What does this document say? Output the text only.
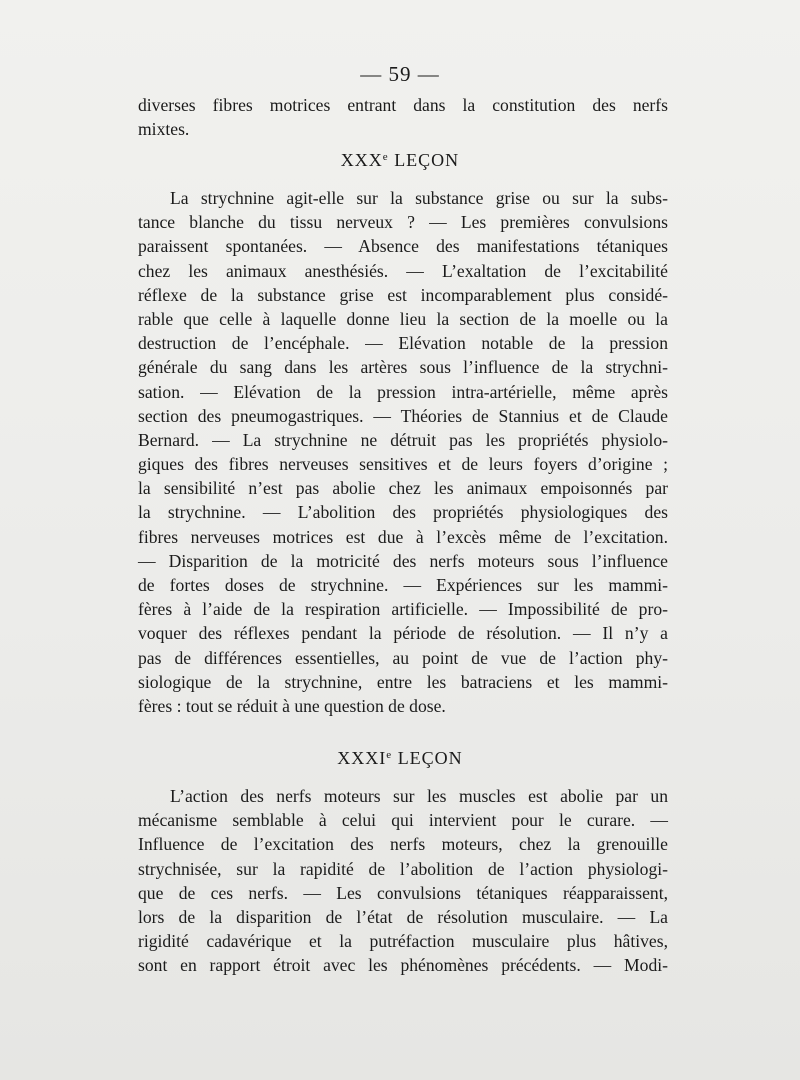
— 59 —
diverses fibres motrices entrant dans la constitution des nerfs
mixtes.
XXXe LEÇON
La strychnine agit-elle sur la substance grise ou sur la subs-
tance blanche du tissu nerveux ? — Les premières convulsions
paraissent spontanées. — Absence des manifestations tétaniques
chez les animaux anesthésiés. — L’exaltation de l’excitabilité
réflexe de la substance grise est incomparablement plus considé-
rable que celle à laquelle donne lieu la section de la moelle ou la
destruction de l’encéphale. — Elévation notable de la pression
générale du sang dans les artères sous l’influence de la strychni-
sation. — Elévation de la pression intra-artérielle, même après
section des pneumogastriques. — Théories de Stannius et de Claude
Bernard. — La strychnine ne détruit pas les propriétés physiolo-
giques des fibres nerveuses sensitives et de leurs foyers d’origine ;
la sensibilité n’est pas abolie chez les animaux empoisonnés par
la strychnine. — L’abolition des propriétés physiologiques des
fibres nerveuses motrices est due à l’excès même de l’excitation.
— Disparition de la motricité des nerfs moteurs sous l’influence
de fortes doses de strychnine. — Expériences sur les mammi-
fères à l’aide de la respiration artificielle. — Impossibilité de pro-
voquer des réflexes pendant la période de résolution. — Il n’y a
pas de différences essentielles, au point de vue de l’action phy-
siologique de la strychnine, entre les batraciens et les mammi-
fères : tout se réduit à une question de dose.
XXXIe LEÇON
L’action des nerfs moteurs sur les muscles est abolie par un
mécanisme semblable à celui qui intervient pour le curare. —
Influence de l’excitation des nerfs moteurs, chez la grenouille
strychnisée, sur la rapidité de l’abolition de l’action physiologi-
que de ces nerfs. — Les convulsions tétaniques réapparaissent,
lors de la disparition de l’état de résolution musculaire. — La
rigidité cadavérique et la putréfaction musculaire plus hâtives,
sont en rapport étroit avec les phénomènes précédents. — Modi-
